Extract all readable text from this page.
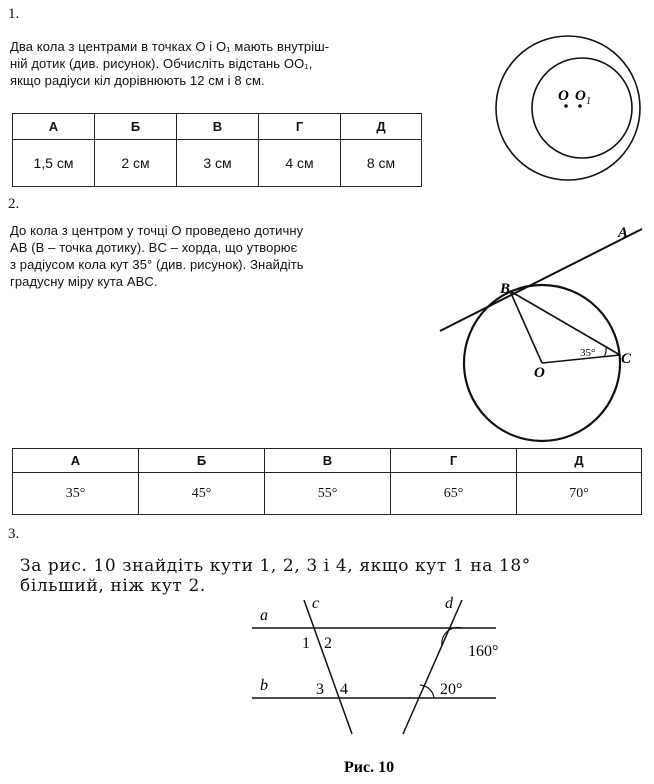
1.
Два кола з центрами в точках О і О₁ мають внутріш-
ній дотик (див. рисунок). Обчисліть відстань ОО₁,
якщо радіуси кіл дорівнюють 12 см і 8 см.
А	Б	В	Г	Д
1,5 см	2 см	3 см	4 см	8 см
O O 1
2.
До кола з центром у точці O проведено дотичну
AB (B – точка дотику). BC – хорда, що утворює
з радіусом кола кут 35° (див. рисунок). Знайдіть
градусну міру кута ABC.
A
B
C
O
35°
А	Б	В	Г	Д
35°	45°	55°	65°	70°
3.
За рис. 10 знайдіть кути 1, 2, 3 і 4, якщо кут 1 на 18°
більший, ніж кут 2.
a
b
c	d
1 2
3 4
160°
20°
Рис. 10
